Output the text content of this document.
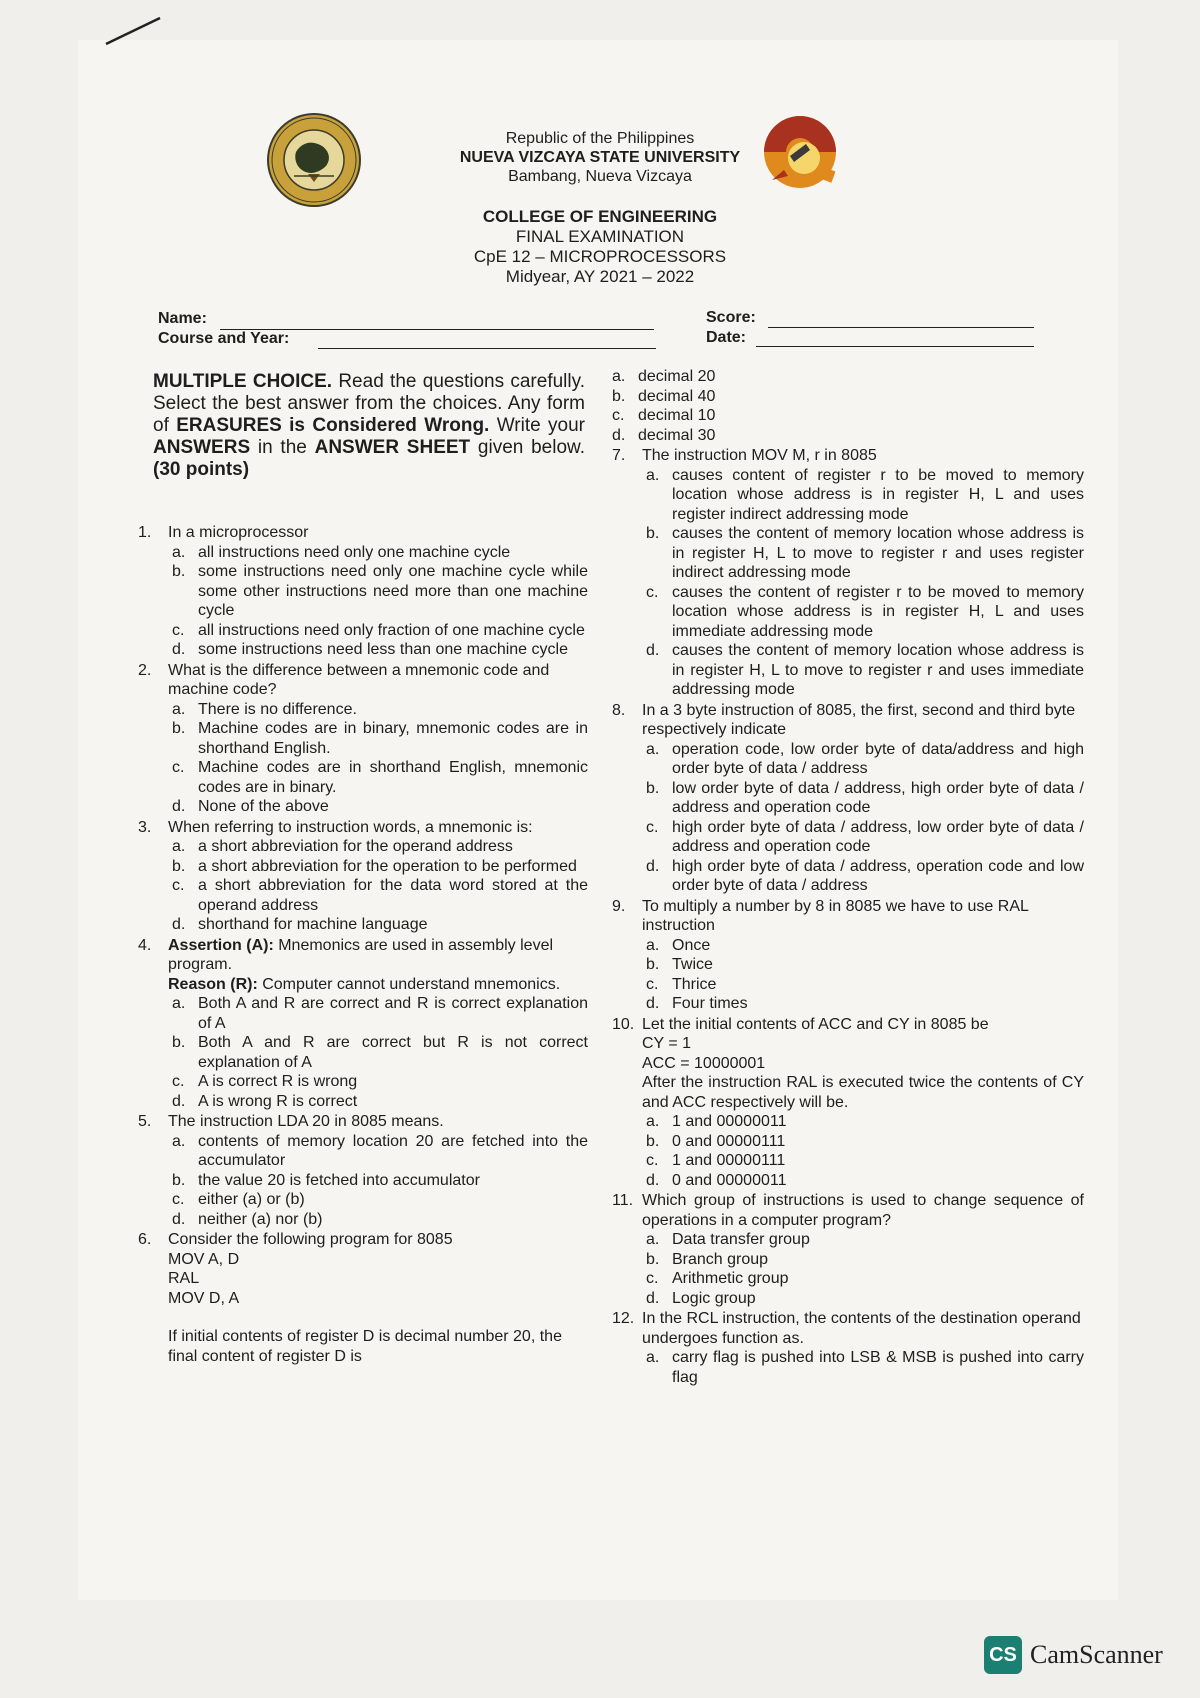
Republic of the Philippines
NUEVA VIZCAYA STATE UNIVERSITY
Bambang, Nueva Vizcaya
COLLEGE OF ENGINEERING
FINAL EXAMINATION
CpE 12 – MICROPROCESSORS
Midyear, AY 2021 – 2022
Name:
Course and Year:
Score:
Date:
MULTIPLE CHOICE. Read the questions carefully. Select the best answer from the choices. Any form of ERASURES is Considered Wrong. Write your ANSWERS in the ANSWER SHEET given below. (30 points)
1. In a microprocessor
a. all instructions need only one machine cycle
b. some instructions need only one machine cycle while some other instructions need more than one machine cycle
c. all instructions need only fraction of one machine cycle
d. some instructions need less than one machine cycle
2. What is the difference between a mnemonic code and machine code?
a. There is no difference.
b. Machine codes are in binary, mnemonic codes are in shorthand English.
c. Machine codes are in shorthand English, mnemonic codes are in binary.
d. None of the above
3. When referring to instruction words, a mnemonic is:
a. a short abbreviation for the operand address
b. a short abbreviation for the operation to be performed
c. a short abbreviation for the data word stored at the operand address
d. shorthand for machine language
4. Assertion (A): Mnemonics are used in assembly level program.
Reason (R): Computer cannot understand mnemonics.
a. Both A and R are correct and R is correct explanation of A
b. Both A and R are correct but R is not correct explanation of A
c. A is correct R is wrong
d. A is wrong R is correct
5. The instruction LDA 20 in 8085 means.
a. contents of memory location 20 are fetched into the accumulator
b. the value 20 is fetched into accumulator
c. either (a) or (b)
d. neither (a) nor (b)
6. Consider the following program for 8085
MOV A, D
RAL
MOV D, A
If initial contents of register D is decimal number 20, the final content of register D is
a. decimal 20
b. decimal 40
c. decimal 10
d. decimal 30
7. The instruction MOV M, r in 8085
a. causes content of register r to be moved to memory location whose address is in register H, L and uses register indirect addressing mode
b. causes the content of memory location whose address is in register H, L to move to register r and uses register indirect addressing mode
c. causes the content of register r to be moved to memory location whose address is in register H, L and uses immediate addressing mode
d. causes the content of memory location whose address is in register H, L to move to register r and uses immediate addressing mode
8. In a 3 byte instruction of 8085, the first, second and third byte respectively indicate
a. operation code, low order byte of data/address and high order byte of data / address
b. low order byte of data / address, high order byte of data / address and operation code
c. high order byte of data / address, low order byte of data / address and operation code
d. high order byte of data / address, operation code and low order byte of data / address
9. To multiply a number by 8 in 8085 we have to use RAL instruction
a. Once
b. Twice
c. Thrice
d. Four times
10. Let the initial contents of ACC and CY in 8085 be
CY = 1
ACC = 10000001
After the instruction RAL is executed twice the contents of CY and ACC respectively will be.
a. 1 and 00000011
b. 0 and 00000111
c. 1 and 00000111
d. 0 and 00000011
11. Which group of instructions is used to change sequence of operations in a computer program?
a. Data transfer group
b. Branch group
c. Arithmetic group
d. Logic group
12. In the RCL instruction, the contents of the destination operand undergoes function as.
a. carry flag is pushed into LSB & MSB is pushed into carry flag
CS CamScanner
